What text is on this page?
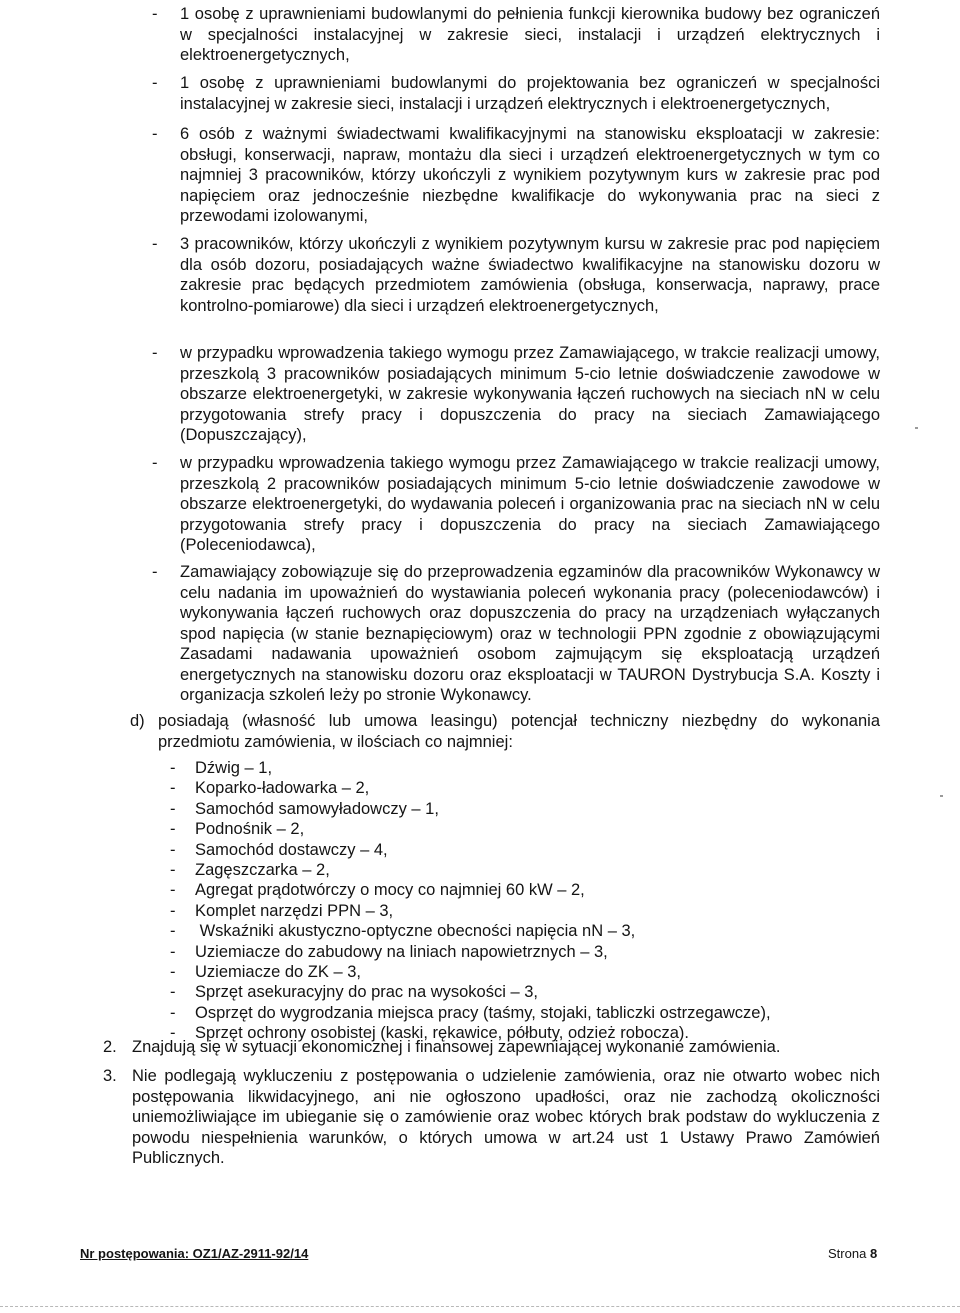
- 1 osobę z uprawnieniami budowlanymi do pełnienia funkcji kierownika budowy bez ograniczeń w specjalności instalacyjnej w zakresie sieci, instalacji i urządzeń elektrycznych i elektroenergetycznych,
- 1 osobę z uprawnieniami budowlanymi do projektowania bez ograniczeń w specjalności instalacyjnej w zakresie sieci, instalacji i urządzeń elektrycznych i elektroenergetycznych,
- 6 osób z ważnymi świadectwami kwalifikacyjnymi na stanowisku eksploatacji w zakresie: obsługi, konserwacji, napraw, montażu dla sieci i urządzeń elektroenergetycznych w tym co najmniej 3 pracowników, którzy ukończyli z wynikiem pozytywnym kurs w zakresie prac pod napięciem oraz jednocześnie niezbędne kwalifikacje do wykonywania prac na sieci z przewodami izolowanymi,
- 3 pracowników, którzy ukończyli z wynikiem pozytywnym kursu w zakresie prac pod napięciem dla osób dozoru, posiadających ważne świadectwo kwalifikacyjne na stanowisku dozoru w zakresie prac będących przedmiotem zamówienia (obsługa, konserwacja, naprawy, prace kontrolno-pomiarowe) dla sieci i urządzeń elektroenergetycznych,
- w przypadku wprowadzenia takiego wymogu przez Zamawiającego, w trakcie realizacji umowy, przeszkolą 3 pracowników posiadających minimum 5-cio letnie doświadczenie zawodowe w obszarze elektroenergetyki, w zakresie wykonywania łączeń ruchowych na sieciach nN w celu przygotowania strefy pracy i dopuszczenia do pracy na sieciach Zamawiającego (Dopuszczający),
- w przypadku wprowadzenia takiego wymogu przez Zamawiającego w trakcie realizacji umowy, przeszkolą 2 pracowników posiadających minimum 5-cio letnie doświadczenie zawodowe w obszarze elektroenergetyki, do wydawania poleceń i organizowania prac na sieciach nN w celu przygotowania strefy pracy i dopuszczenia do pracy na sieciach Zamawiającego (Poleceniodawca),
- Zamawiający zobowiązuje się do przeprowadzenia egzaminów dla pracowników Wykonawcy w celu nadania im upoważnień do wystawiania poleceń wykonania pracy (poleceniodawców) i wykonywania łączeń ruchowych oraz dopuszczenia do pracy na urządzeniach wyłączanych spod napięcia (w stanie beznapięciowym) oraz w technologii PPN zgodnie z obowiązującymi Zasadami nadawania upoważnień osobom zajmującym się eksploatacją urządzeń energetycznych na stanowisku dozoru oraz eksploatacji w TAURON Dystrybucja S.A. Koszty i organizacja szkoleń leży po stronie Wykonawcy.
d) posiadają (własność lub umowa leasingu) potencjał techniczny niezbędny do wykonania przedmiotu zamówienia, w ilościach co najmniej:
- Dźwig – 1,
- Koparko-ładowarka – 2,
- Samochód samowyładowczy – 1,
- Podnośnik – 2,
- Samochód dostawczy – 4,
- Zagęszczarka – 2,
- Agregat prądotwórczy o mocy co najmniej 60 kW – 2,
- Komplet narzędzi PPN – 3,
- Wskaźniki akustyczno-optyczne obecności napięcia nN – 3,
- Uziemiacze do zabudowy na liniach napowietrznych – 3,
- Uziemiacze do ZK – 3,
- Sprzęt asekuracyjny do prac na wysokości – 3,
- Osprzęt do wygrodzania miejsca pracy (taśmy, stojaki, tabliczki ostrzegawcze),
- Sprzęt ochrony osobistej (kaski, rękawice, półbuty, odzież robocza).
2. Znajdują się w sytuacji ekonomicznej i finansowej zapewniającej wykonanie zamówienia.
3. Nie podlegają wykluczeniu z postępowania o udzielenie zamówienia, oraz nie otwarto wobec nich postępowania likwidacyjnego, ani nie ogłoszono upadłości, oraz nie zachodzą okoliczności uniemożliwiające im ubieganie się o zamówienie oraz wobec których brak podstaw do wykluczenia z powodu niespełnienia warunków, o których umowa w art.24 ust 1 Ustawy Prawo Zamówień Publicznych.
Nr postępowania: OZ1/AZ-2911-92/14	Strona 8
